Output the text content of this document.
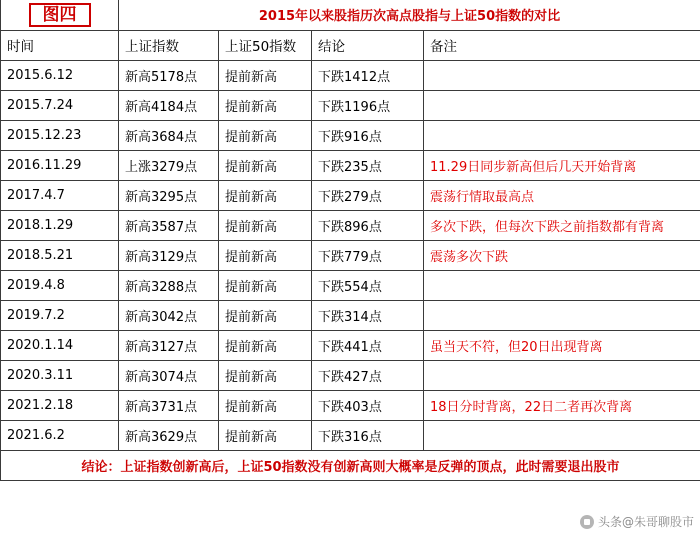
图四	2015年以来股指历次高点股指与上证50指数的对比			
时间	上证指数	上证50指数	结论	备注
2015.6.12	新高5178点	提前新高	下跌1412点	
2015.7.24	新高4184点	提前新高	下跌1196点	
2015.12.23	新高3684点	提前新高	下跌916点	
2016.11.29	上涨3279点	提前新高	下跌235点	11.29日同步新高但后几天开始背离
2017.4.7	新高3295点	提前新高	下跌279点	震荡行情取最高点
2018.1.29	新高3587点	提前新高	下跌896点	多次下跌，但每次下跌之前指数都有背离
2018.5.21	新高3129点	提前新高	下跌779点	震荡多次下跌
2019.4.8	新高3288点	提前新高	下跌554点	
2019.7.2	新高3042点	提前新高	下跌314点	
2020.1.14	新高3127点	提前新高	下跌441点	虽当天不符，但20日出现背离
2020.3.11	新高3074点	提前新高	下跌427点	
2021.2.18	新高3731点	提前新高	下跌403点	18日分时背离，22日二者再次背离
2021.6.2	新高3629点	提前新高	下跌316点	
结论：上证指数创新高后，上证50指数没有创新高则大概率是反弹的顶点，此时需要退出股市				
头条@朱哥聊股市
